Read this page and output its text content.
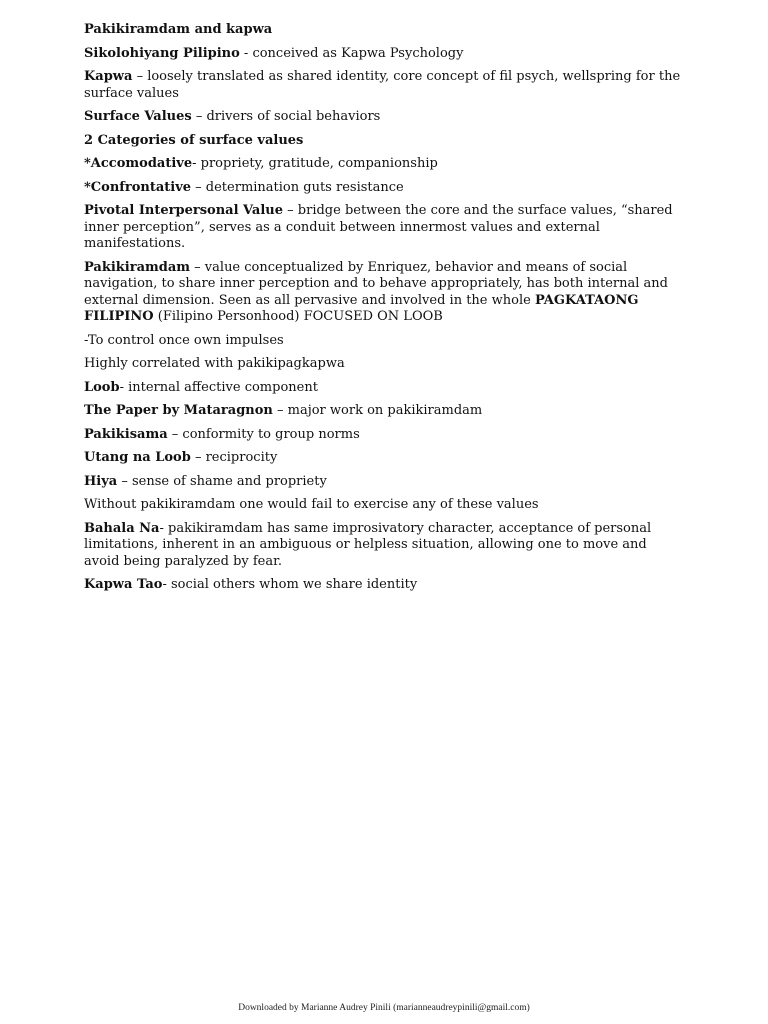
Pakikiramdam and kapwa

Sikolohiyang Pilipino - conceived as Kapwa Psychology

Kapwa – loosely translated as shared identity, core concept of fil psych, wellspring for the surface values

Surface Values – drivers of social behaviors

2 Categories of surface values

*Accomodative- propriety, gratitude, companionship

*Confrontative – determination guts resistance

Pivotal Interpersonal Value – bridge between the core and the surface values, “shared inner perception”, serves as a conduit between innermost values and external manifestations.

Pakikiramdam – value conceptualized by Enriquez, behavior and means of social navigation, to share inner perception and to behave appropriately, has both internal and external dimension. Seen as all pervasive and involved in the whole PAGKATAONG FILIPINO (Filipino Personhood) FOCUSED ON LOOB

-To control once own impulses

Highly correlated with pakikipagkapwa

Loob- internal affective component

The Paper by Mataragnon – major work on pakikiramdam

Pakikisama – conformity to group norms

Utang na Loob – reciprocity

Hiya – sense of shame and propriety

Without pakikiramdam one would fail to exercise any of these values

Bahala Na- pakikiramdam has same improsivatory character, acceptance of personal limitations, inherent in an ambiguous or helpless situation, allowing one to move and avoid being paralyzed by fear.

Kapwa Tao- social others whom we share identity

Downloaded by Marianne Audrey Pinili (marianneaudreypinili@gmail.com)
